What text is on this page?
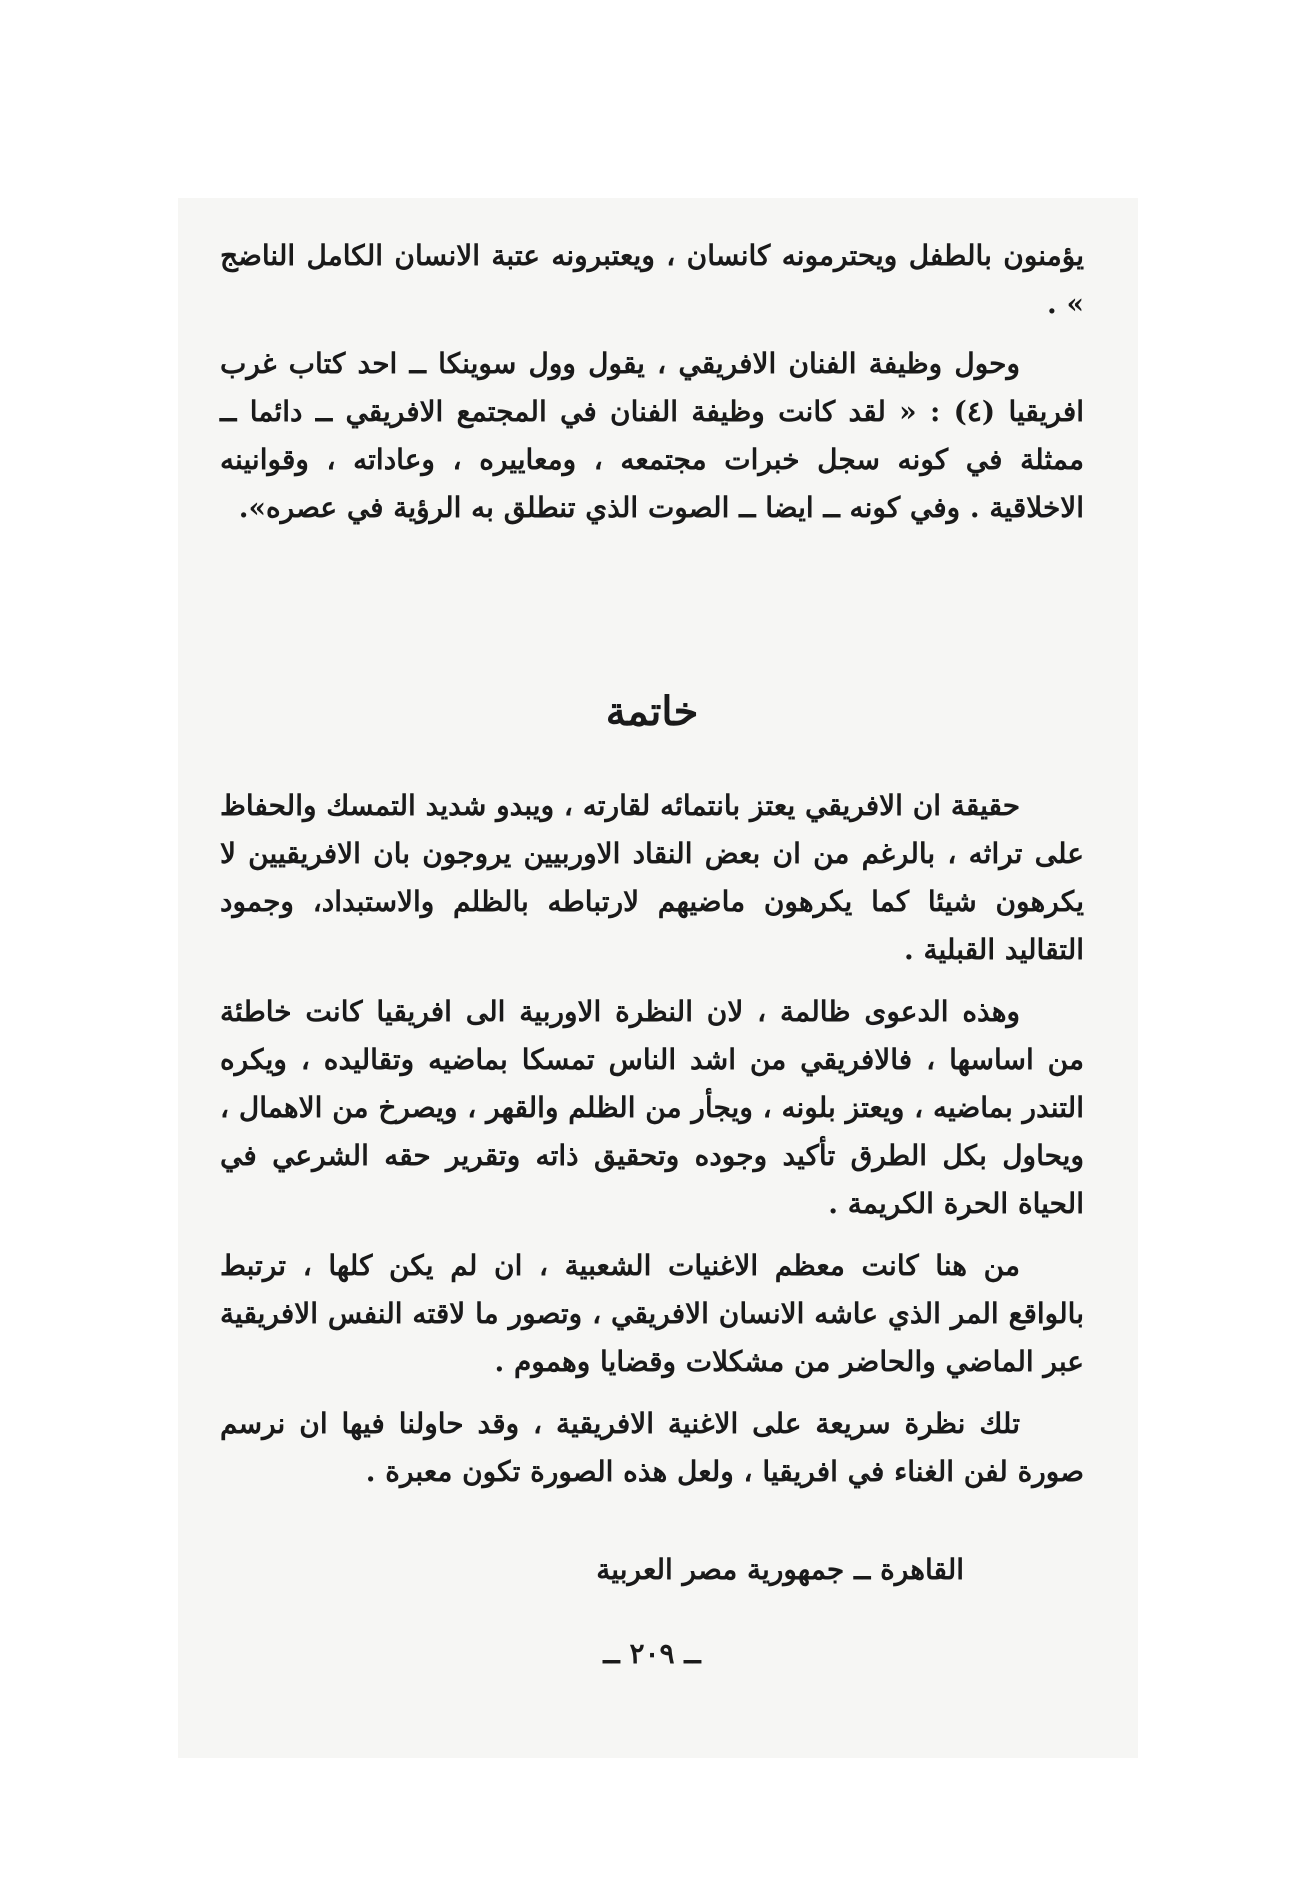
يؤمنون بالطفل ويحترمونه كانسان ، ويعتبرونه عتبة الانسان الكامل الناضج » .

وحول وظيفة الفنان الافريقي ، يقول وول سوينكا ــ احد كتاب غرب افريقيا (٤) : « لقد كانت وظيفة الفنان في المجتمع الافريقي ــ دائما ــ ممثلة في كونه سجل خبرات مجتمعه ، ومعاييره ، وعاداته ، وقوانينه الاخلاقية . وفي كونه ــ ايضا ــ الصوت الذي تنطلق به الرؤية في عصره».

خاتمة

حقيقة ان الافريقي يعتز بانتمائه لقارته ، ويبدو شديد التمسك والحفاظ على تراثه ، بالرغم من ان بعض النقاد الاوربيين يروجون بان الافريقيين لا يكرهون شيئا كما يكرهون ماضيهم لارتباطه بالظلم والاستبداد، وجمود التقاليد القبلية .

وهذه الدعوى ظالمة ، لان النظرة الاوربية الى افريقيا كانت خاطئة من اساسها ، فالافريقي من اشد الناس تمسكا بماضيه وتقاليده ، ويكره التندر بماضيه ، ويعتز بلونه ، ويجأر من الظلم والقهر ، ويصرخ من الاهمال ، ويحاول بكل الطرق تأكيد وجوده وتحقيق ذاته وتقرير حقه الشرعي في الحياة الحرة الكريمة .

من هنا كانت معظم الاغنيات الشعبية ، ان لم يكن كلها ، ترتبط بالواقع المر الذي عاشه الانسان الافريقي ، وتصور ما لاقته النفس الافريقية عبر الماضي والحاضر من مشكلات وقضايا وهموم .

تلك نظرة سريعة على الاغنية الافريقية ، وقد حاولنا فيها ان نرسم صورة لفن الغناء في افريقيا ، ولعل هذه الصورة تكون معبرة .

القاهرة ــ جمهورية مصر العربية
ــ ٢٠٩ ــ
